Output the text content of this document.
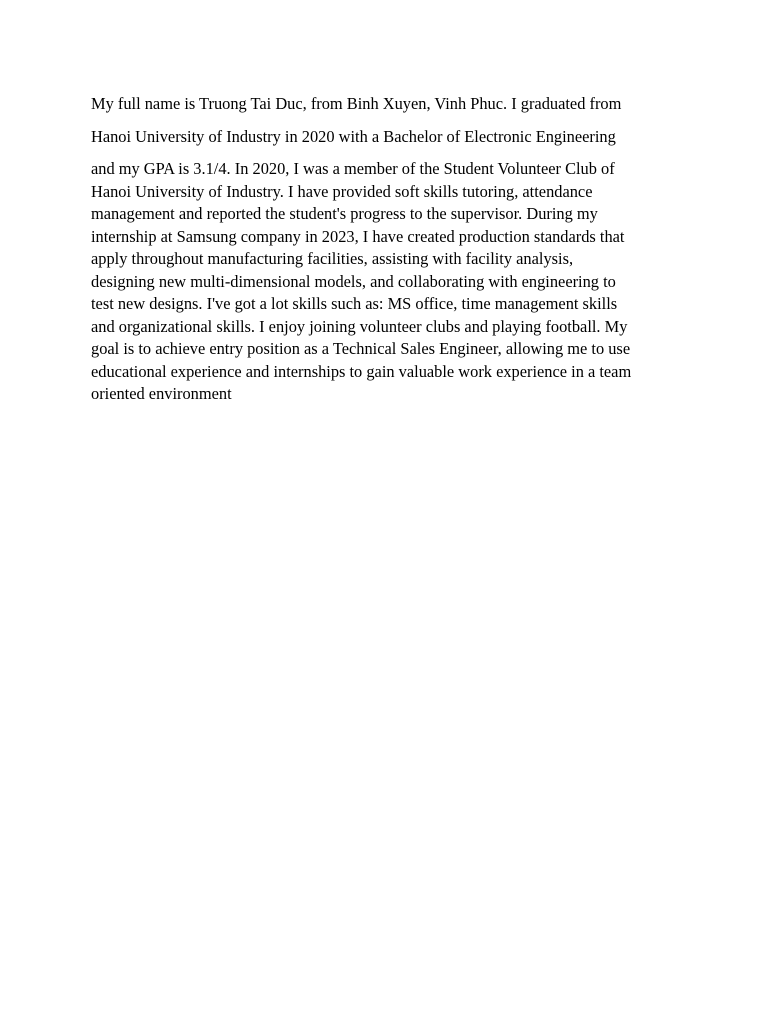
My full name is Truong Tai Duc, from Binh Xuyen, Vinh Phuc. I graduated from
Hanoi University of Industry in 2020 with a Bachelor of Electronic Engineering
and my GPA is 3.1/4. In 2020, I was a member of the Student Volunteer Club of
Hanoi University of Industry. I have provided soft skills tutoring, attendance
management and reported the student's progress to the supervisor. During my
internship at Samsung company in 2023, I have created production standards that
apply throughout manufacturing facilities, assisting with facility analysis,
designing new multi-dimensional models, and collaborating with engineering to
test new designs. I've got a lot skills such as: MS office, time management skills
and organizational skills. I enjoy joining volunteer clubs and playing football. My
goal is to achieve entry position as a Technical Sales Engineer, allowing me to use
educational experience and internships to gain valuable work experience in a team
oriented environment
